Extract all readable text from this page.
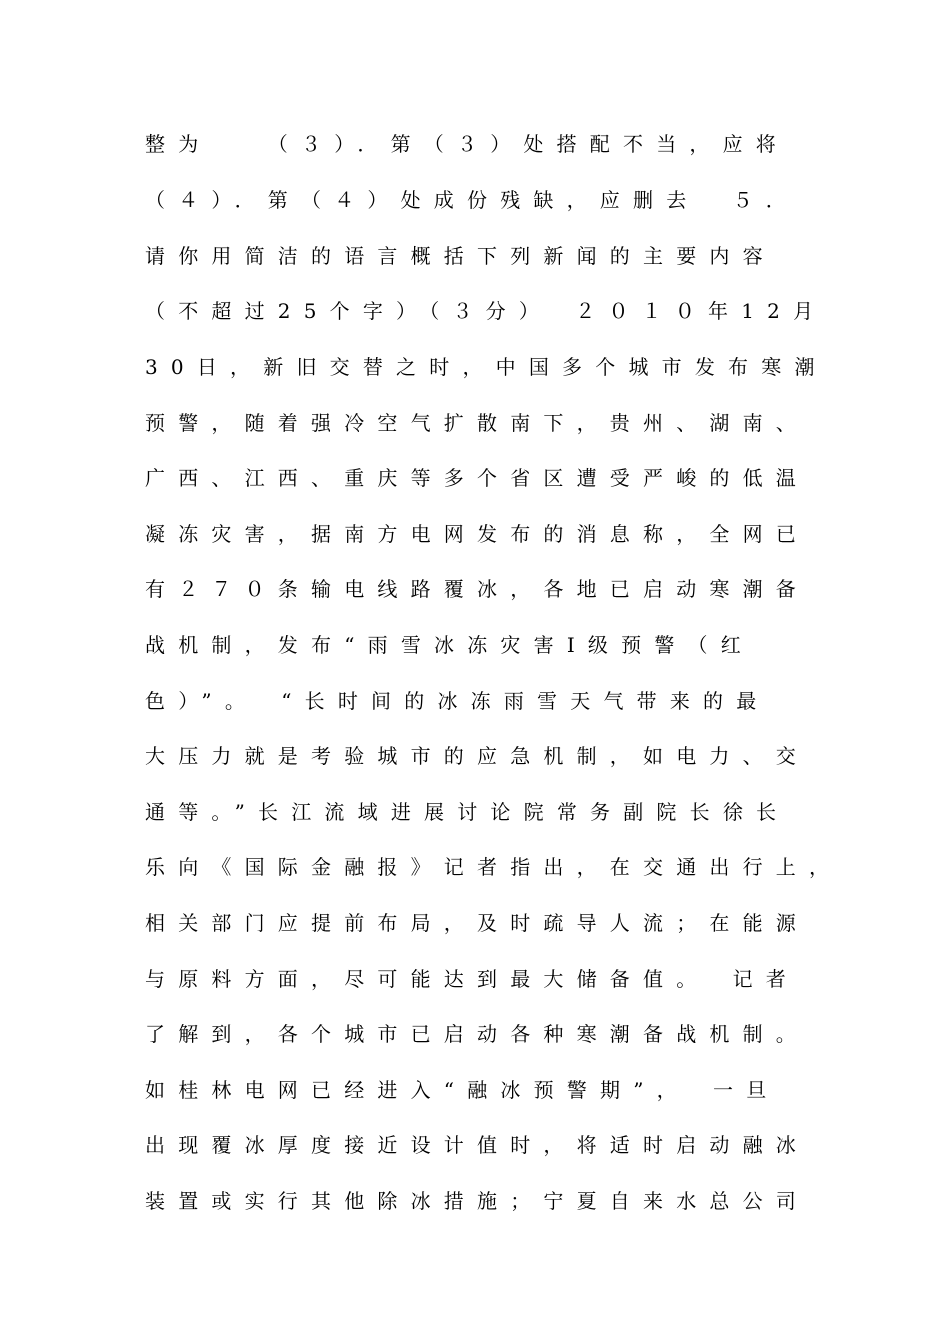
整为　　（３）．第（３）处搭配不当，应将
（４）．第（４）处成份残缺，应删去　５．
请你用简洁的语言概括下列新闻的主要内容
（不超过25个字）（３分）　２０１０年12月
30日，新旧交替之时，中国多个城市发布寒潮
预警，随着强冷空气扩散南下，贵州、湖南、
广西、江西、重庆等多个省区遭受严峻的低温
凝冻灾害，据南方电网发布的消息称，全网已
有２７０条输电线路覆冰，各地已启动寒潮备
战机制，发布“雨雪冰冻灾害Ⅰ级预警（红
色）”。　“长时间的冰冻雨雪天气带来的最
大压力就是考验城市的应急机制，如电力、交
通等。”长江流域进展讨论院常务副院长徐长
乐向《国际金融报》记者指出，在交通出行上，
相关部门应提前布局，及时疏导人流；在能源
与原料方面，尽可能达到最大储备值。　记者
了解到，各个城市已启动各种寒潮备战机制。
如桂林电网已经进入“融冰预警期”，　一旦
出现覆冰厚度接近设计值时，将适时启动融冰
装置或实行其他除冰措施；宁夏自来水总公司
